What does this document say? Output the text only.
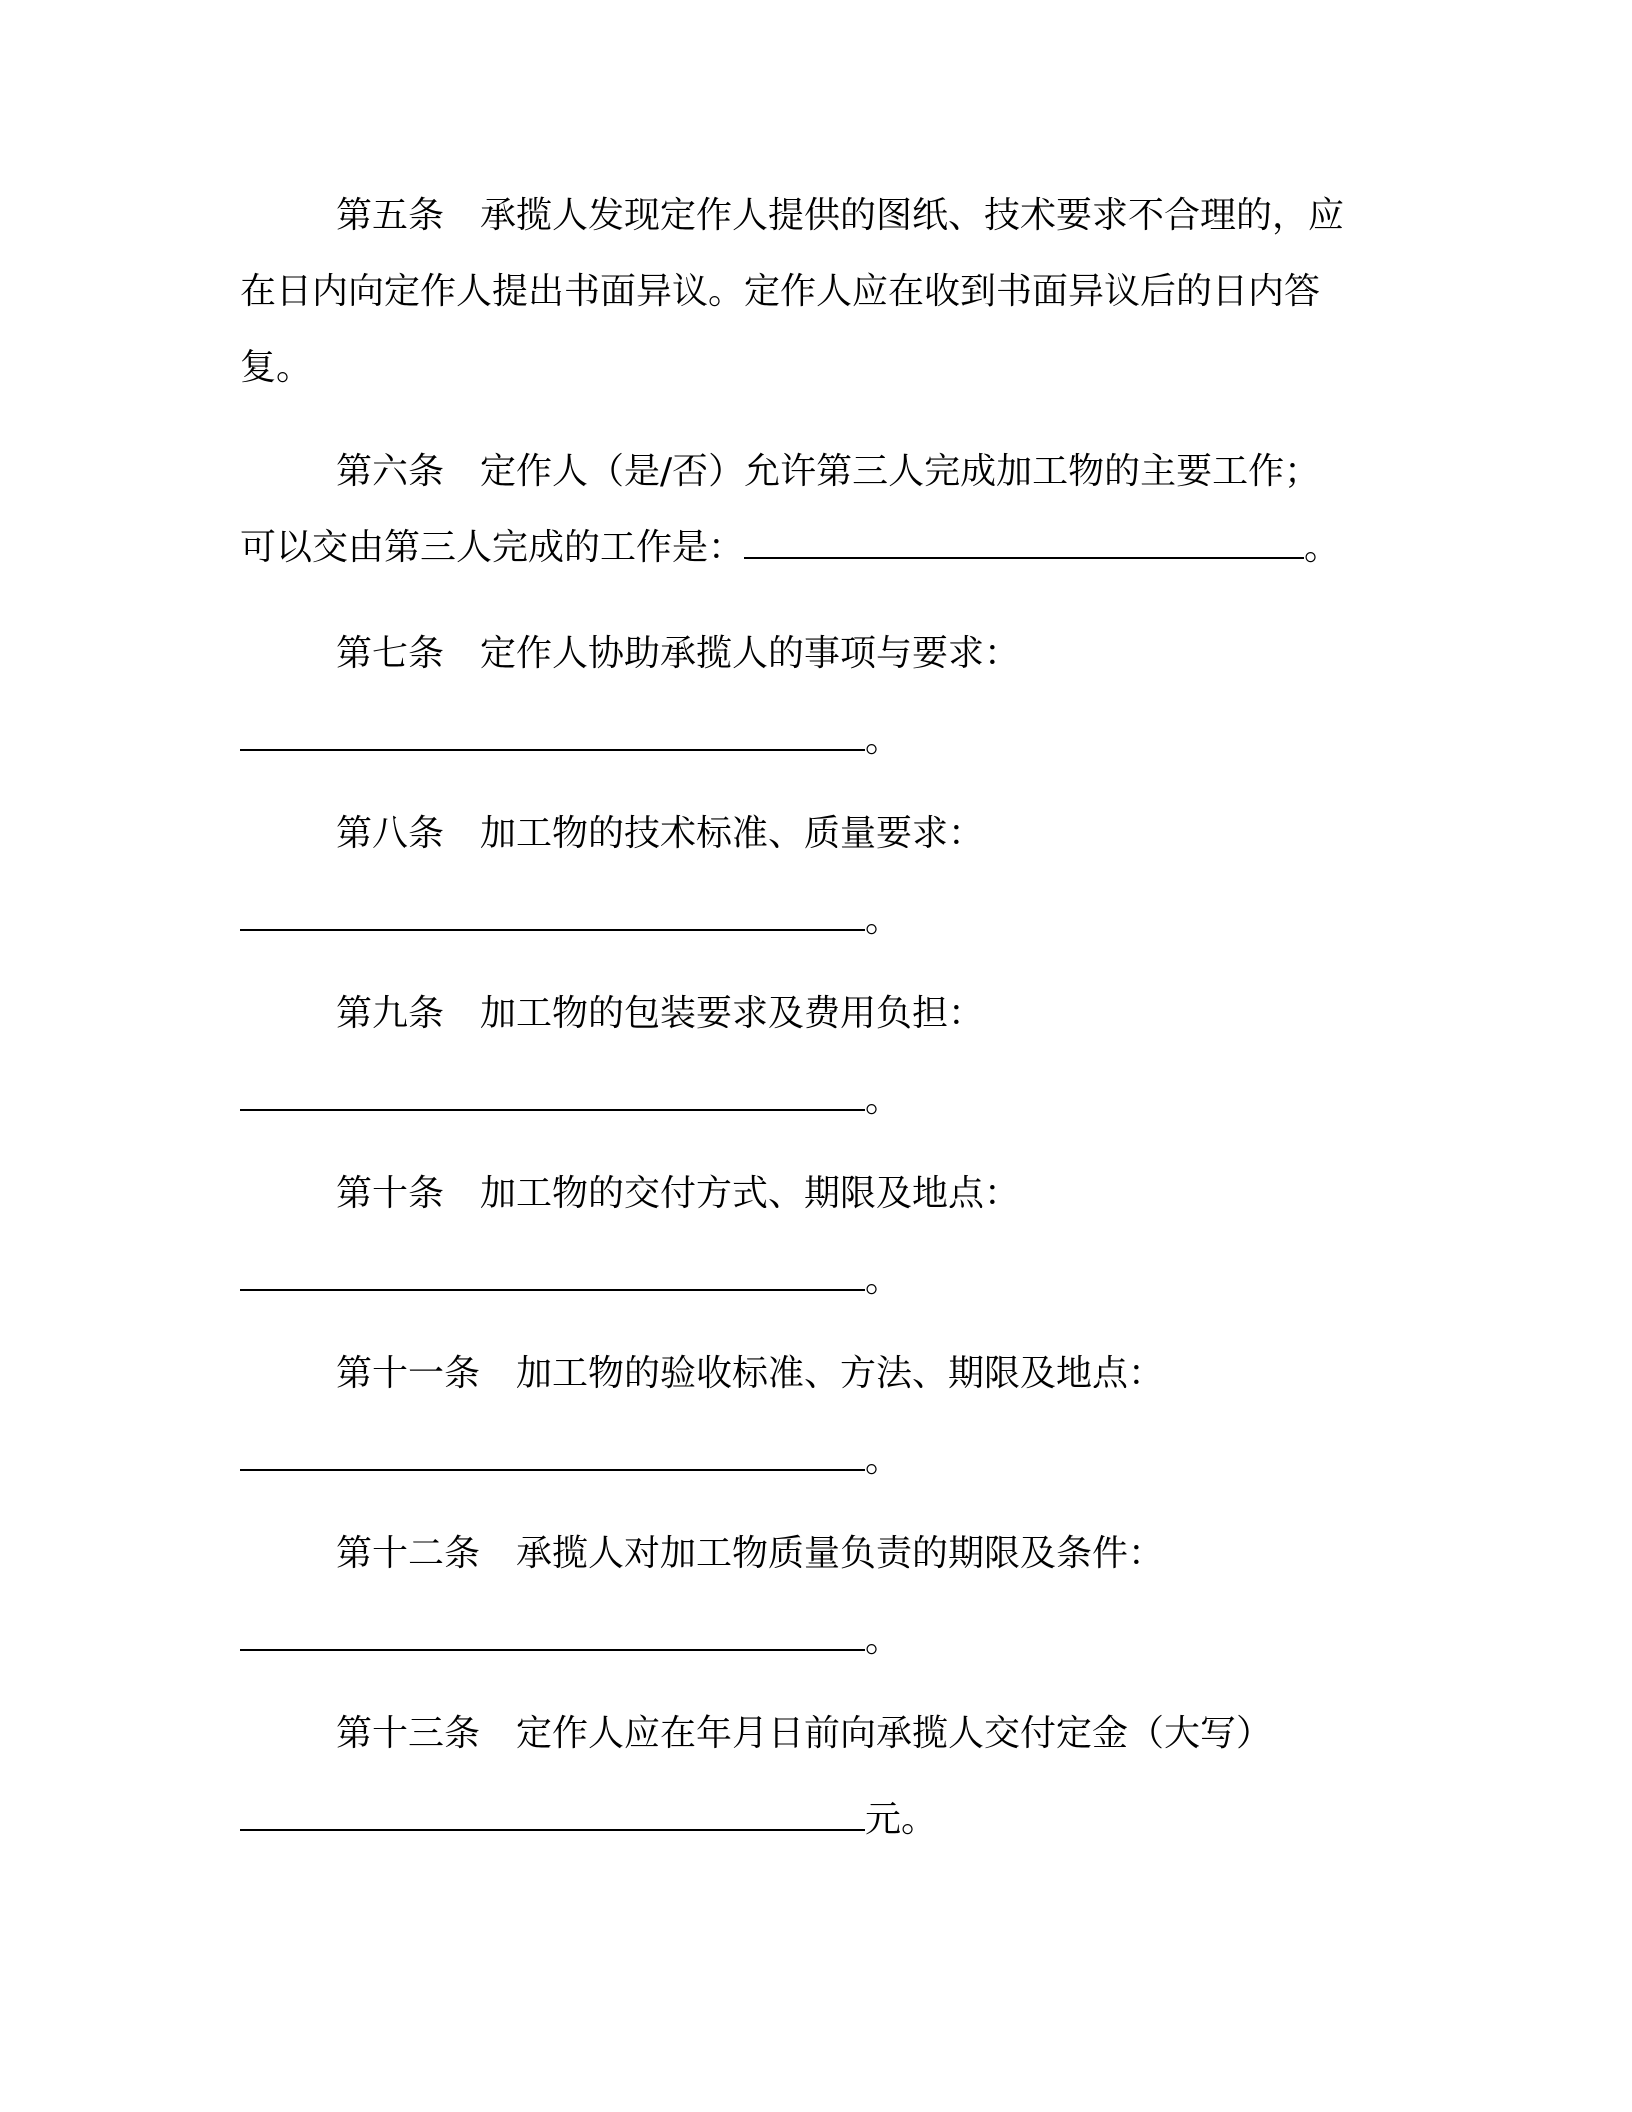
第五条 承揽人发现定作人提供的图纸、技术要求不合理的，应
在日内向定作人提出书面异议。定作人应在收到书面异议后的日内答
复。
第六条 定作人（是/否）允许第三人完成加工物的主要工作；
可以交由第三人完成的工作是：	。
第七条 定作人协助承揽人的事项与要求：
。
第八条 加工物的技术标准、质量要求：
。
第九条 加工物的包装要求及费用负担：
。
第十条 加工物的交付方式、期限及地点：
。
第十一条 加工物的验收标准、方法、期限及地点：
。
第十二条 承揽人对加工物质量负责的期限及条件：
。
第十三条 定作人应在年月日前向承揽人交付定金（大写）
元。
